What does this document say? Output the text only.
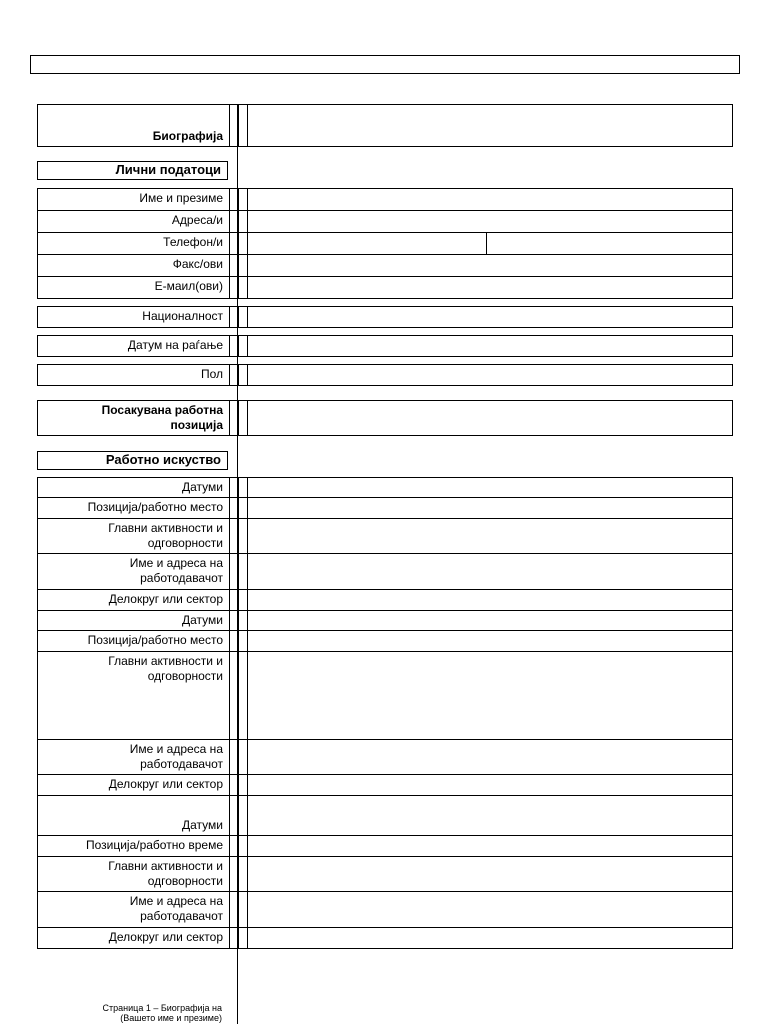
Биографија
Лични податоци
Име и презиме
Адреса/и
Телефон/и
Факс/ови
Е-маил(ови)
Националност
Датум на раѓање
Пол
Посакувана работна
позиција
Работно искуство
Датуми
Позиција/работно место
Главни активности и
одговорности
Име и адреса на
работодавачот
Делокруг или сектор
Датуми
Позиција/работно место
Главни активности и
одговорности
Име и адреса на
работодавачот
Делокруг или сектор
Датуми
Позиција/работно време
Главни активности и
одговорности
Име и адреса на
работодавачот
Делокруг или сектор
Страница 1 – Биографија на
(Вашето име и презиме)
